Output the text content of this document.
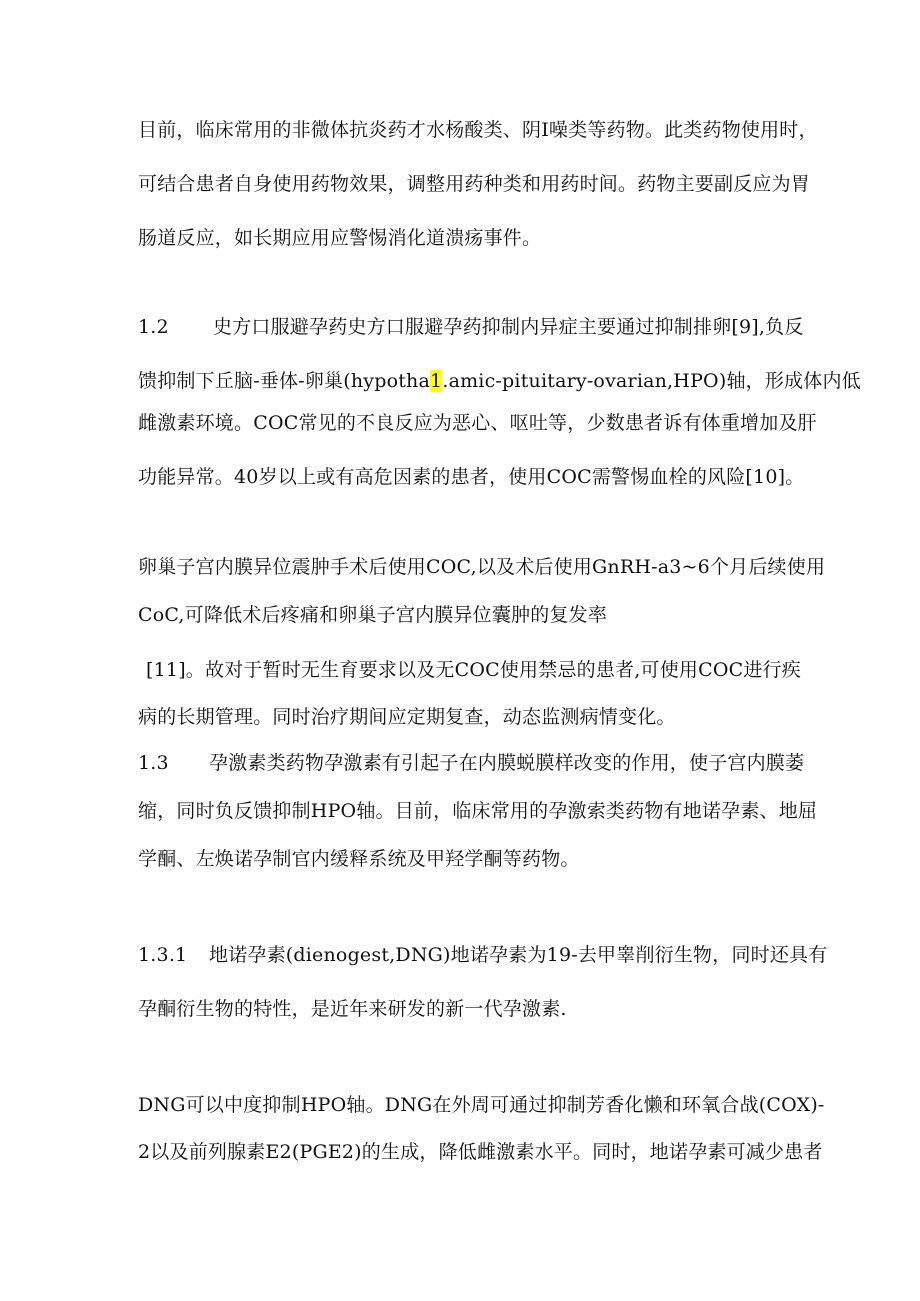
目前，临床常用的非微体抗炎药才水杨酸类、阴I噪类等药物。此类药物使用时，
可结合患者自身使用药物效果，调整用药种类和用药时间。药物主要副反应为胃
肠道反应，如长期应用应警惕消化道溃疡事件。
1.2 史方口服避孕药史方口服避孕药抑制内异症主要通过抑制排卵[9],负反
馈抑制下丘脑-垂体-卵巢(hypotha1.amic-pituitary-ovarian,HPO)轴，形成体内低
雌激素环境。COC常见的不良反应为恶心、呕吐等，少数患者诉有体重增加及肝
功能异常。40岁以上或有高危因素的患者，使用COC需警惕血栓的风险[10]。
卵巢子宫内膜异位震肿手术后使用COC,以及术后使用GnRH-a3~6个月后续使用
CoC,可降低术后疼痛和卵巢子宫内膜异位囊肿的复发率
[11]。故对于暂时无生育要求以及无COC使用禁忌的患者,可使用COC进行疾
病的长期管理。同时治疗期间应定期复查，动态监测病情变化。
1.3 孕激素类药物孕激素有引起子在内膜蜕膜样改变的作用，使子宫内膜萎
缩，同时负反馈抑制HPO轴。目前，临床常用的孕激索类药物有地诺孕素、地屈
学酮、左焕诺孕制官内缓释系统及甲羟学酮等药物。
1.3.1 地诺孕素(dienogest,DNG)地诺孕素为19-去甲睾削衍生物，同时还具有
孕酮衍生物的特性，是近年来研发的新一代孕激素.
DNG可以中度抑制HPO轴。DNG在外周可通过抑制芳香化懒和环氧合战(COX)-
2以及前列腺素E2(PGE2)的生成，降低雌激素水平。同时，地诺孕素可减少患者
